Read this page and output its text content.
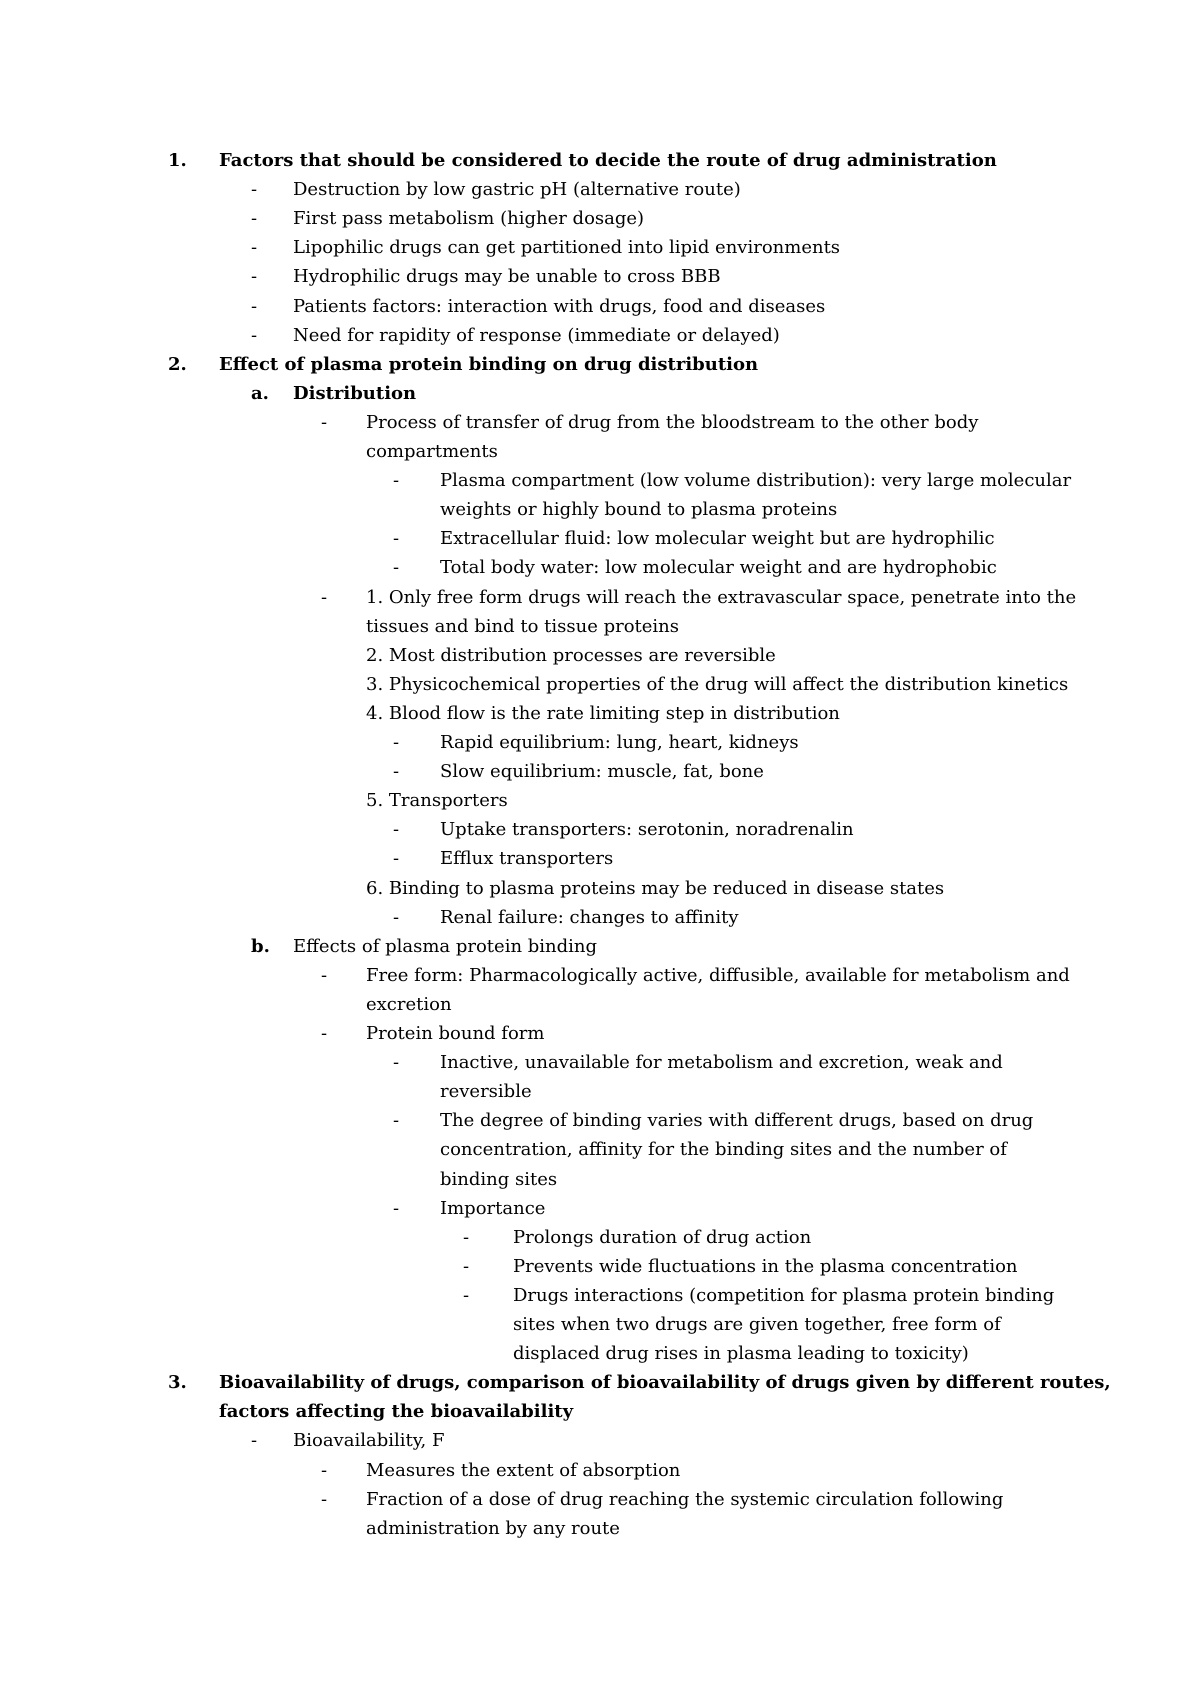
1. Factors that should be considered to decide the route of drug administration
- Destruction by low gastric pH (alternative route)
- First pass metabolism (higher dosage)
- Lipophilic drugs can get partitioned into lipid environments
- Hydrophilic drugs may be unable to cross BBB
- Patients factors: interaction with drugs, food and diseases
- Need for rapidity of response (immediate or delayed)
2. Effect of plasma protein binding on drug distribution
a. Distribution
- Process of transfer of drug from the bloodstream to the other body
compartments
- Plasma compartment (low volume distribution): very large molecular
weights or highly bound to plasma proteins
- Extracellular fluid: low molecular weight but are hydrophilic
- Total body water: low molecular weight and are hydrophobic
- 1. Only free form drugs will reach the extravascular space, penetrate into the
tissues and bind to tissue proteins
2. Most distribution processes are reversible
3. Physicochemical properties of the drug will affect the distribution kinetics
4. Blood flow is the rate limiting step in distribution
- Rapid equilibrium: lung, heart, kidneys
- Slow equilibrium: muscle, fat, bone
5. Transporters
- Uptake transporters: serotonin, noradrenalin
- Efflux transporters
6. Binding to plasma proteins may be reduced in disease states
- Renal failure: changes to affinity
b. Effects of plasma protein binding
- Free form: Pharmacologically active, diffusible, available for metabolism and
excretion
- Protein bound form
- Inactive, unavailable for metabolism and excretion, weak and
reversible
- The degree of binding varies with different drugs, based on drug
concentration, affinity for the binding sites and the number of
binding sites
- Importance
- Prolongs duration of drug action
- Prevents wide fluctuations in the plasma concentration
- Drugs interactions (competition for plasma protein binding
sites when two drugs are given together, free form of
displaced drug rises in plasma leading to toxicity)
3. Bioavailability of drugs, comparison of bioavailability of drugs given by different routes,
factors affecting the bioavailability
- Bioavailability, F
- Measures the extent of absorption
- Fraction of a dose of drug reaching the systemic circulation following
administration by any route
